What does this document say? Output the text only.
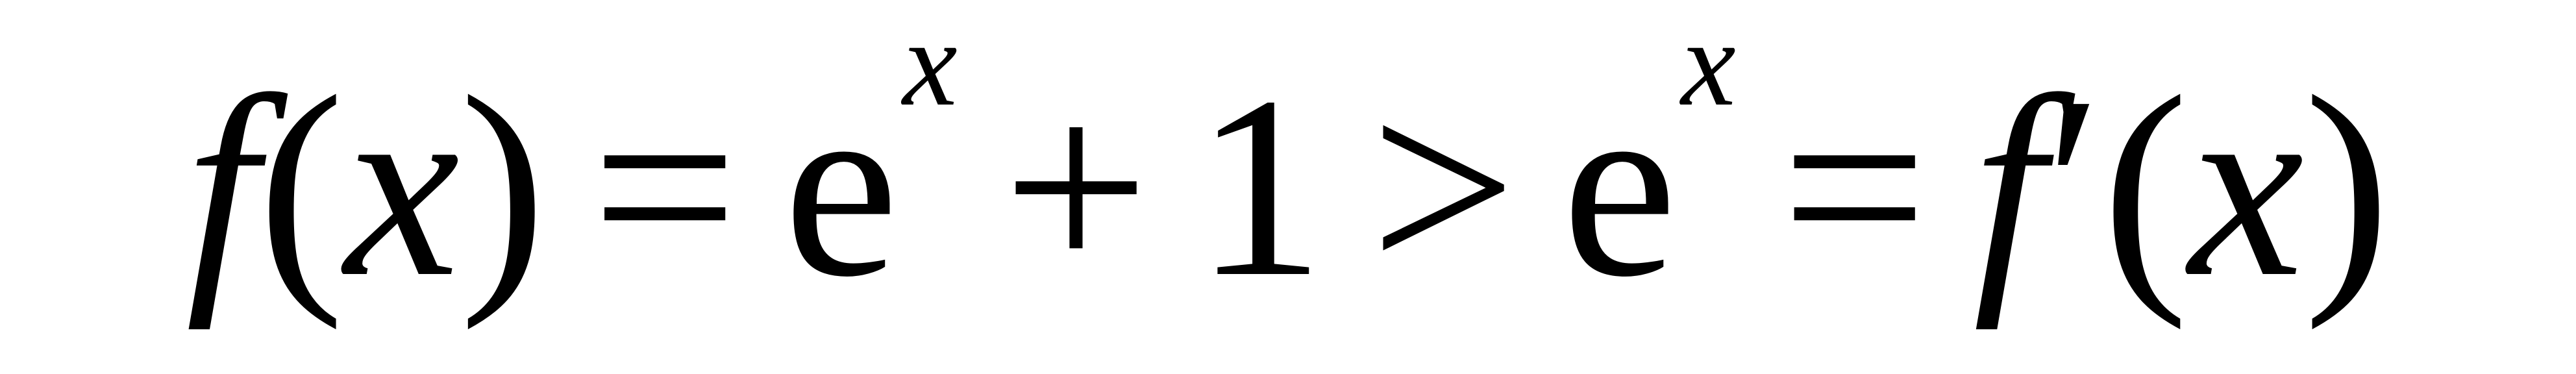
f ( x ) = e x + 1 > e x = f ′ ( x )
